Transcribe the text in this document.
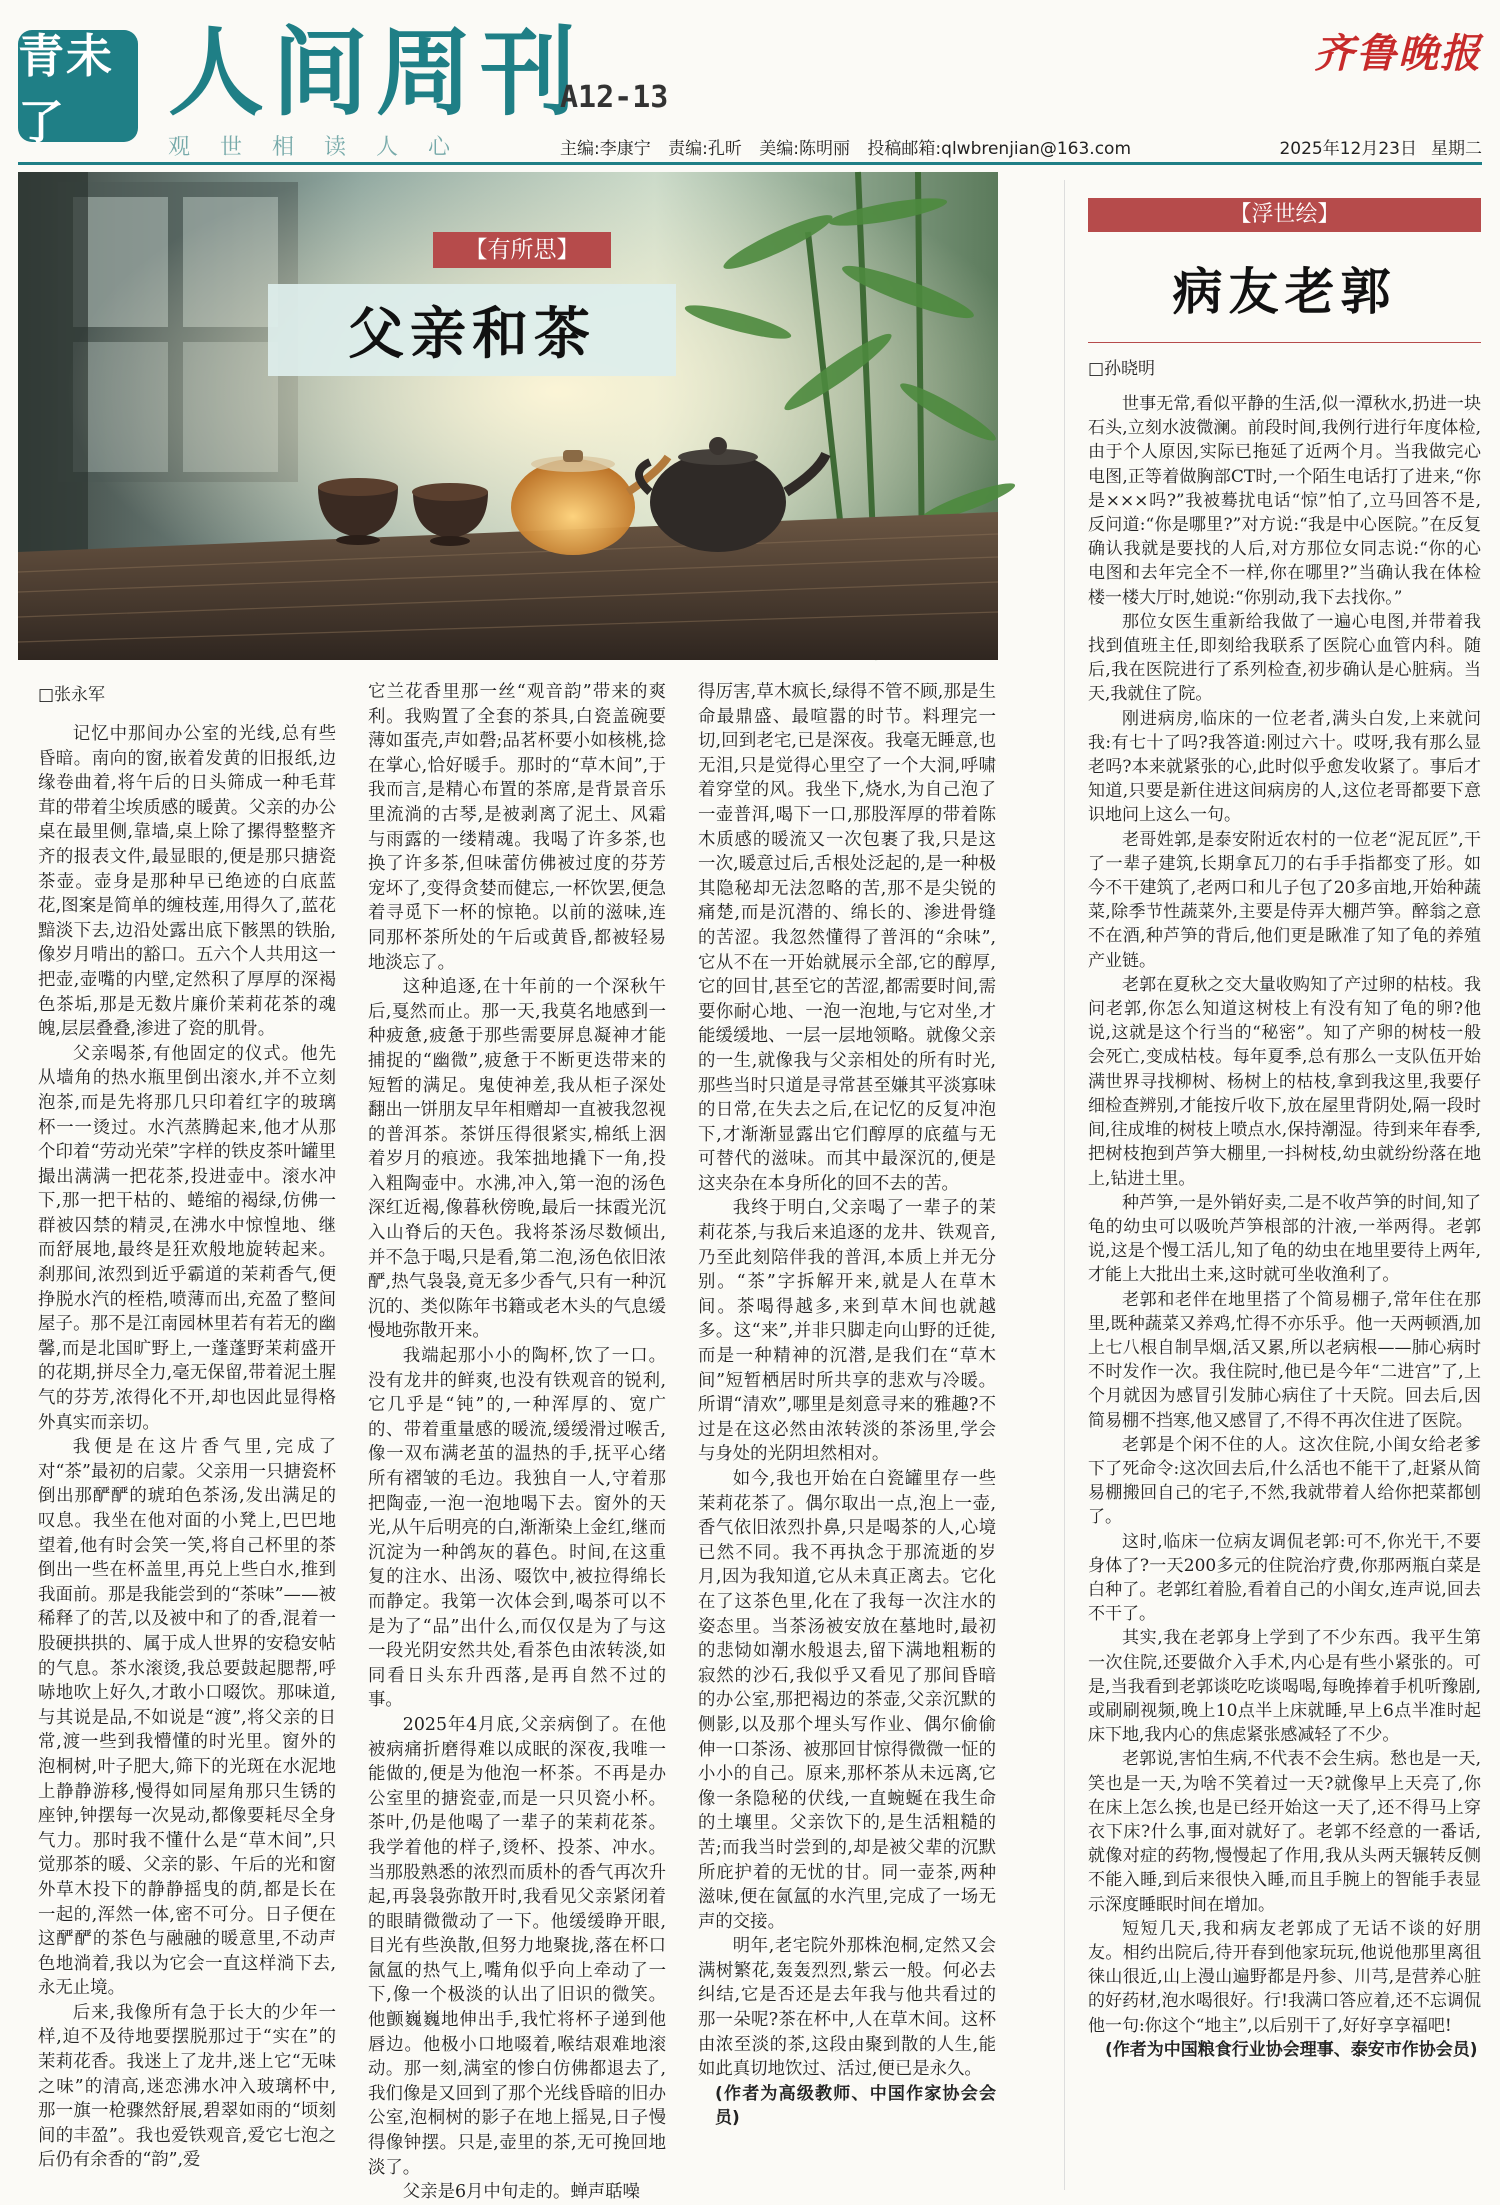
青未了	人间周刊
A12-13
观世相读人心
齐鲁晚报
主编:李康宁 责编:孔昕 美编:陈明丽 投稿邮箱:qlwbrenjian@163.com	2025年12月23日 星期二
【有所思】
父亲和茶
□张永军

记忆中那间办公室的光线,总有些昏暗。南向的窗,嵌着发黄的旧报纸,边缘卷曲着,将午后的日头筛成一种毛茸茸的带着尘埃质感的暖黄。父亲的办公桌在最里侧,靠墙,桌上除了摞得整整齐齐的报表文件,最显眼的,便是那只搪瓷茶壶。壶身是那种早已绝迹的白底蓝花,图案是简单的缠枝莲,用得久了,蓝花黯淡下去,边沿处露出底下骸黑的铁胎,像岁月啃出的豁口。五六个人共用这一把壶,壶嘴的内壁,定然积了厚厚的深褐色茶垢,那是无数片廉价茉莉花茶的魂魄,层层叠叠,渗进了瓷的肌骨。

父亲喝茶,有他固定的仪式。他先从墙角的热水瓶里倒出滚水,并不立刻泡茶,而是先将那几只印着红字的玻璃杯一一烫过。水汽蒸腾起来,他才从那个印着“劳动光荣”字样的铁皮茶叶罐里撮出满满一把花茶,投进壶中。滚水冲下,那一把干枯的、蜷缩的褐绿,仿佛一群被囚禁的精灵,在沸水中惊惶地、继而舒展地,最终是狂欢般地旋转起来。刹那间,浓烈到近乎霸道的茉莉香气,便挣脱水汽的桎梏,喷薄而出,充盈了整间屋子。那不是江南园林里若有若无的幽馨,而是北国旷野上,一蓬蓬野茉莉盛开的花期,拼尽全力,毫无保留,带着泥土腥气的芬芳,浓得化不开,却也因此显得格外真实而亲切。

我便是在这片香气里,完成了对“茶”最初的启蒙。父亲用一只搪瓷杯倒出那酽酽的琥珀色茶汤,发出满足的叹息。我坐在他对面的小凳上,巴巴地望着,他有时会笑一笑,将自己杯里的茶倒出一些在杯盖里,再兑上些白水,推到我面前。那是我能尝到的“茶味”——被稀释了的苦,以及被中和了的香,混着一股硬拱拱的、属于成人世界的安稳安帖的气息。茶水滚烫,我总要鼓起腮帮,呼哧地吹上好久,才敢小口啜饮。那味道,与其说是品,不如说是“渡”,将父亲的日常,渡一些到我懵懂的时光里。窗外的泡桐树,叶子肥大,筛下的光斑在水泥地上静静游移,慢得如同屋角那只生锈的座钟,钟摆每一次晃动,都像要耗尽全身气力。那时我不懂什么是“草木间”,只觉那茶的暖、父亲的影、午后的光和窗外草木投下的静静摇曳的荫,都是长在一起的,浑然一体,密不可分。日子便在这酽酽的茶色与融融的暖意里,不动声色地淌着,我以为它会一直这样淌下去,永无止境。

后来,我像所有急于长大的少年一样,迫不及待地要摆脱那过于“实在”的茉莉花香。我迷上了龙井,迷上它“无味之味”的清高,迷恋沸水冲入玻璃杯中,那一旗一枪骤然舒展,碧翠如雨的“顷刻间的丰盈”。我也爱铁观音,爱它七泡之后仍有余香的“韵”,爱

它兰花香里那一丝“观音韵”带来的爽利。我购置了全套的茶具,白瓷盖碗要薄如蛋壳,声如磬;品茗杯要小如核桃,捻在掌心,恰好暖手。那时的“草木间”,于我而言,是精心布置的茶席,是背景音乐里流淌的古琴,是被剥离了泥土、风霜与雨露的一缕精魂。我喝了许多茶,也换了许多茶,但味蕾仿佛被过度的芬芳宠坏了,变得贪婪而健忘,一杯饮罢,便急着寻觅下一杯的惊艳。以前的滋味,连同那杯茶所处的午后或黄昏,都被轻易地淡忘了。

这种追逐,在十年前的一个深秋午后,戛然而止。那一天,我莫名地感到一种疲惫,疲惫于那些需要屏息凝神才能捕捉的“幽微”,疲惫于不断更迭带来的短暂的满足。鬼使神差,我从柜子深处翻出一饼朋友早年相赠却一直被我忽视的普洱茶。茶饼压得很紧实,棉纸上洇着岁月的痕迹。我笨拙地撬下一角,投入粗陶壶中。水沸,冲入,第一泡的汤色深红近褐,像暮秋傍晚,最后一抹霞光沉入山脊后的天色。我将茶汤尽数倾出,并不急于喝,只是看,第二泡,汤色依旧浓酽,热气袅袅,竟无多少香气,只有一种沉沉的、类似陈年书籍或老木头的气息缓慢地弥散开来。

我端起那小小的陶杯,饮了一口。没有龙井的鲜爽,也没有铁观音的锐利,它几乎是“钝”的,一种浑厚的、宽广的、带着重量感的暖流,缓缓滑过喉舌,像一双布满老茧的温热的手,抚平心绪所有褶皱的毛边。我独自一人,守着那把陶壶,一泡一泡地喝下去。窗外的天光,从午后明亮的白,渐渐染上金红,继而沉淀为一种鸽灰的暮色。时间,在这重复的注水、出汤、啜饮中,被拉得绵长而静定。我第一次体会到,喝茶可以不是为了“品”出什么,而仅仅是为了与这一段光阴安然共处,看茶色由浓转淡,如同看日头东升西落,是再自然不过的事。

2025年4月底,父亲病倒了。在他被病痛折磨得难以成眠的深夜,我唯一能做的,便是为他泡一杯茶。不再是办公室里的搪瓷壶,而是一只贝瓷小杯。茶叶,仍是他喝了一辈子的茉莉花茶。我学着他的样子,烫杯、投茶、冲水。当那股熟悉的浓烈而质朴的香气再次升起,再袅袅弥散开时,我看见父亲紧闭着的眼睛微微动了一下。他缓缓睁开眼,目光有些涣散,但努力地聚拢,落在杯口氤氲的热气上,嘴角似乎向上牵动了一下,像一个极淡的认出了旧识的微笑。他颤巍巍地伸出手,我忙将杯子递到他唇边。他极小口地啜着,喉结艰难地滚动。那一刻,满室的惨白仿佛都退去了,我们像是又回到了那个光线昏暗的旧办公室,泡桐树的影子在地上摇晃,日子慢得像钟摆。只是,壶里的茶,无可挽回地淡了。

父亲是6月中旬走的。蝉声聒噪

得厉害,草木疯长,绿得不管不顾,那是生命最鼎盛、最喧嚣的时节。料理完一切,回到老宅,已是深夜。我毫无睡意,也无泪,只是觉得心里空了一个大洞,呼啸着穿堂的风。我坐下,烧水,为自己泡了一壶普洱,喝下一口,那股浑厚的带着陈木质感的暖流又一次包裹了我,只是这一次,暖意过后,舌根处泛起的,是一种极其隐秘却无法忽略的苦,那不是尖锐的痛楚,而是沉潜的、绵长的、渗进骨缝的苦涩。我忽然懂得了普洱的“余味”,它从不在一开始就展示全部,它的醇厚,它的回甘,甚至它的苦涩,都需要时间,需要你耐心地、一泡一泡地,与它对坐,才能缓缓地、一层一层地领略。就像父亲的一生,就像我与父亲相处的所有时光,那些当时只道是寻常甚至嫌其平淡寡味的日常,在失去之后,在记忆的反复冲泡下,才渐渐显露出它们醇厚的底蕴与无可替代的滋味。而其中最深沉的,便是这夹杂在本身所化的回不去的苦。

我终于明白,父亲喝了一辈子的茉莉花茶,与我后来追逐的龙井、铁观音,乃至此刻陪伴我的普洱,本质上并无分别。“茶”字拆解开来,就是人在草木间。茶喝得越多,来到草木间也就越多。这“来”,并非只脚走向山野的迁徙,而是一种精神的沉潜,是我们在“草木间”短暂栖居时所共享的悲欢与冷暖。所谓“清欢”,哪里是刻意寻来的雅趣?不过是在这必然由浓转淡的茶汤里,学会与身处的光阴坦然相对。

如今,我也开始在白瓷罐里存一些茉莉花茶了。偶尔取出一点,泡上一壶,香气依旧浓烈扑鼻,只是喝茶的人,心境已然不同。我不再执念于那流逝的岁月,因为我知道,它从未真正离去。它化在了这茶色里,化在了我每一次注水的姿态里。当茶汤被安放在墓地时,最初的悲恸如潮水般退去,留下满地粗粝的寂然的沙石,我似乎又看见了那间昏暗的办公室,那把褐边的茶壶,父亲沉默的侧影,以及那个埋头写作业、偶尔偷偷伸一口茶汤、被那回甘惊得微微一怔的小小的自己。原来,那杯茶从未远离,它像一条隐秘的伏线,一直蜿蜒在我生命的土壤里。父亲饮下的,是生活粗糙的苦;而我当时尝到的,却是被父辈的沉默所庇护着的无忧的甘。同一壶茶,两种滋味,便在氤氲的水汽里,完成了一场无声的交接。

明年,老宅院外那株泡桐,定然又会满树繁花,轰轰烈烈,紫云一般。何必去纠结,它是否还是去年我与他共看过的那一朵呢?茶在杯中,人在草木间。这杯由浓至淡的茶,这段由聚到散的人生,能如此真切地饮过、活过,便已是永久。

(作者为高级教师、中国作家协会会员)

【浮世绘】
病友老郭
□孙晓明

世事无常,看似平静的生活,似一潭秋水,扔进一块石头,立刻水波微澜。前段时间,我例行进行年度体检,由于个人原因,实际已拖延了近两个月。当我做完心电图,正等着做胸部CT时,一个陌生电话打了进来,“你是×××吗?”我被蓦扰电话“惊”怕了,立马回答不是,反问道:“你是哪里?”对方说:“我是中心医院。”在反复确认我就是要找的人后,对方那位女同志说:“你的心电图和去年完全不一样,你在哪里?”当确认我在体检楼一楼大厅时,她说:“你别动,我下去找你。”

那位女医生重新给我做了一遍心电图,并带着我找到值班主任,即刻给我联系了医院心血管内科。随后,我在医院进行了系列检查,初步确认是心脏病。当天,我就住了院。

刚进病房,临床的一位老者,满头白发,上来就问我:有七十了吗?我答道:刚过六十。哎呀,我有那么显老吗?本来就紧张的心,此时似乎愈发收紧了。事后才知道,只要是新住进这间病房的人,这位老哥都要下意识地问上这么一句。

老哥姓郭,是泰安附近农村的一位老“泥瓦匠”,干了一辈子建筑,长期拿瓦刀的右手手指都变了形。如今不干建筑了,老两口和儿子包了20多亩地,开始种蔬菜,除季节性蔬菜外,主要是侍弄大棚芦笋。醉翁之意不在酒,种芦笋的背后,他们更是瞅准了知了龟的养殖产业链。

老郭在夏秋之交大量收购知了产过卵的枯枝。我问老郭,你怎么知道这树枝上有没有知了龟的卵?他说,这就是这个行当的“秘密”。知了产卵的树枝一般会死亡,变成枯枝。每年夏季,总有那么一支队伍开始满世界寻找柳树、杨树上的枯枝,拿到我这里,我要仔细检查辨别,才能按斤收下,放在屋里背阴处,隔一段时间,往成堆的树枝上喷点水,保持潮湿。待到来年春季,把树枝抱到芦笋大棚里,一抖树枝,幼虫就纷纷落在地上,钻进土里。

种芦笋,一是外销好卖,二是不收芦笋的时间,知了龟的幼虫可以吸吮芦笋根部的汁液,一举两得。老郭说,这是个慢工活儿,知了龟的幼虫在地里要待上两年,才能上大批出土来,这时就可坐收渔利了。

老郭和老伴在地里搭了个简易棚子,常年住在那里,既种蔬菜又养鸡,忙得不亦乐乎。他一天两顿酒,加上七八根自制旱烟,活又累,所以老病根——肺心病时不时发作一次。我住院时,他已是今年“二进宫”了,上个月就因为感冒引发肺心病住了十天院。回去后,因简易棚不挡寒,他又感冒了,不得不再次住进了医院。

老郭是个闲不住的人。这次住院,小闺女给老爹下了死命令:这次回去后,什么活也不能干了,赶紧从简易棚搬回自己的宅子,不然,我就带着人给你把菜都刨了。

这时,临床一位病友调侃老郭:可不,你光干,不要身体了?一天200多元的住院治疗费,你那两瓶白菜是白种了。老郭红着脸,看着自己的小闺女,连声说,回去不干了。

其实,我在老郭身上学到了不少东西。我平生第一次住院,还要做介入手术,内心是有些小紧张的。可是,当我看到老郭谈吃吃谈喝喝,每晚捧着手机听豫剧,或刷刷视频,晚上10点半上床就睡,早上6点半准时起床下地,我内心的焦虑紧张感减轻了不少。

老郭说,害怕生病,不代表不会生病。愁也是一天,笑也是一天,为啥不笑着过一天?就像早上天亮了,你在床上怎么挨,也是已经开始这一天了,还不得马上穿衣下床?什么事,面对就好了。老郭不经意的一番话,就像对症的药物,慢慢起了作用,我从头两天辗转反侧不能入睡,到后来很快入睡,而且手腕上的智能手表显示深度睡眠时间在增加。

短短几天,我和病友老郭成了无话不谈的好朋友。相约出院后,待开春到他家玩玩,他说他那里离徂徕山很近,山上漫山遍野都是丹参、川芎,是营养心脏的好药材,泡水喝很好。行!我满口答应着,还不忘调侃他一句:你这个“地主”,以后别干了,好好享享福吧!

(作者为中国粮食行业协会理事、泰安市作协会员)
